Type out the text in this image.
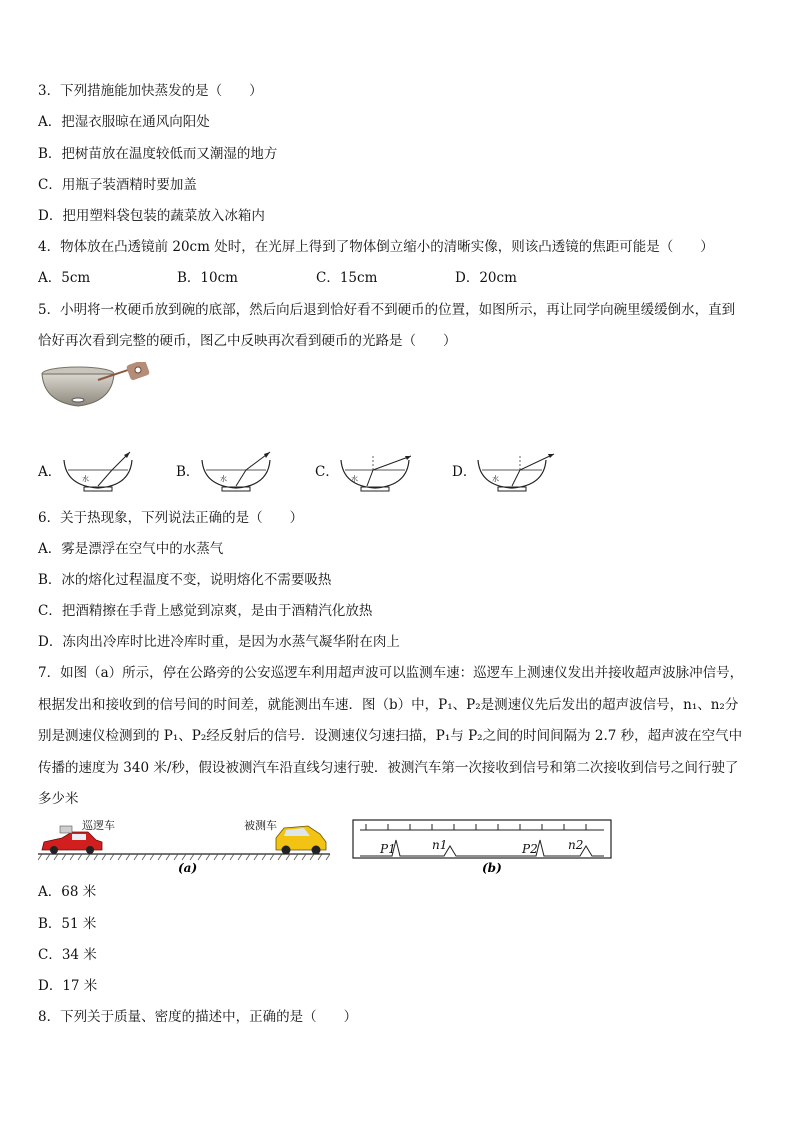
3．下列措施能加快蒸发的是（　　）
A．把湿衣服晾在通风向阳处
B．把树苗放在温度较低而又潮湿的地方
C．用瓶子装酒精时要加盖
D．把用塑料袋包装的蔬菜放入冰箱内
4．物体放在凸透镜前 20cm 处时，在光屏上得到了物体倒立缩小的清晰实像，则该凸透镜的焦距可能是（　　）
A．5cm	B．10cm	C．15cm	D．20cm
5．小明将一枚硬币放到碗的底部，然后向后退到恰好看不到硬币的位置，如图所示，再让同学向碗里缓缓倒水，直到
恰好再次看到完整的硬币，图乙中反映再次看到硬币的光路是（　　）
A．	水	B．	水	C． 水	D． 水
6．关于热现象，下列说法正确的是（　　）
A．雾是漂浮在空气中的水蒸气
B．冰的熔化过程温度不变，说明熔化不需要吸热
C．把酒精擦在手背上感觉到凉爽，是由于酒精汽化放热
D．冻肉出冷库时比进冷库时重，是因为水蒸气凝华附在肉上
7．如图（a）所示，停在公路旁的公安巡逻车利用超声波可以监测车速：巡逻车上测速仪发出并接收超声波脉冲信号，
根据发出和接收到的信号间的时间差，就能测出车速．图（b）中，P₁、P₂是测速仪先后发出的超声波信号，n₁、n₂分
别是测速仪检测到的 P₁、P₂经反射后的信号．设测速仪匀速扫描，P₁与 P₂之间的时间间隔为 2.7 秒，超声波在空气中
传播的速度为 340 米/秒，假设被测汽车沿直线匀速行驶．被测汽车第一次接收到信号和第二次接收到信号之间行驶了
多少米
巡逻车	被测车
(a)
P1	n1	P2	n2
(b)
A．68 米
B．51 米
C．34 米
D．17 米
8．下列关于质量、密度的描述中，正确的是（　　）
